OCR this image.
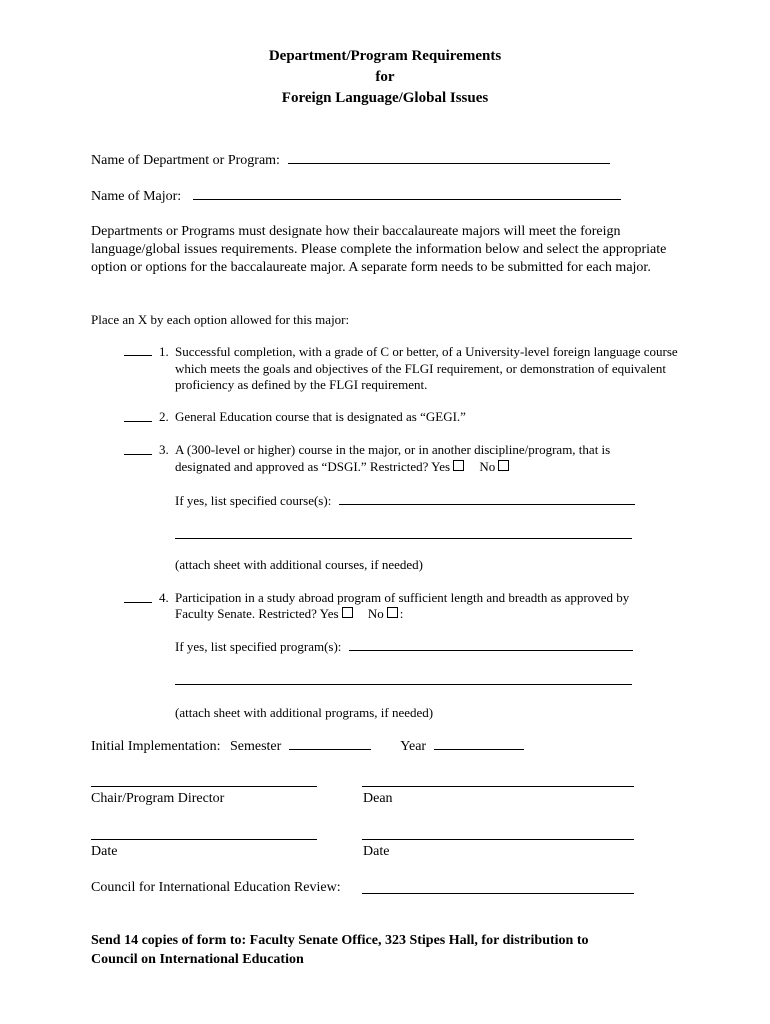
Department/Program Requirements
for
Foreign Language/Global Issues
Name of Department or Program:
Name of Major:
Departments or Programs must designate how their baccalaureate majors will meet the foreign language/global issues requirements. Please complete the information below and select the appropriate option or options for the baccalaureate major. A separate form needs to be submitted for each major.
Place an X by each option allowed for this major:
1. Successful completion, with a grade of C or better, of a University-level foreign language course which meets the goals and objectives of the FLGI requirement, or demonstration of equivalent proficiency as defined by the FLGI requirement.
2. General Education course that is designated as “GEGI.”
3. A (300-level or higher) course in the major, or in another discipline/program, that is
designated and approved as “DSGI.” Restricted? Yes No
If yes, list specified course(s):
(attach sheet with additional courses, if needed)
4. Participation in a study abroad program of sufficient length and breadth as approved by
Faculty Senate. Restricted? Yes No :
If yes, list specified program(s):
(attach sheet with additional programs, if needed)
Initial Implementation: Semester	Year
Chair/Program Director	Dean
Date	Date
Council for International Education Review:
Send 14 copies of form to: Faculty Senate Office, 323 Stipes Hall, for distribution to
Council on International Education
